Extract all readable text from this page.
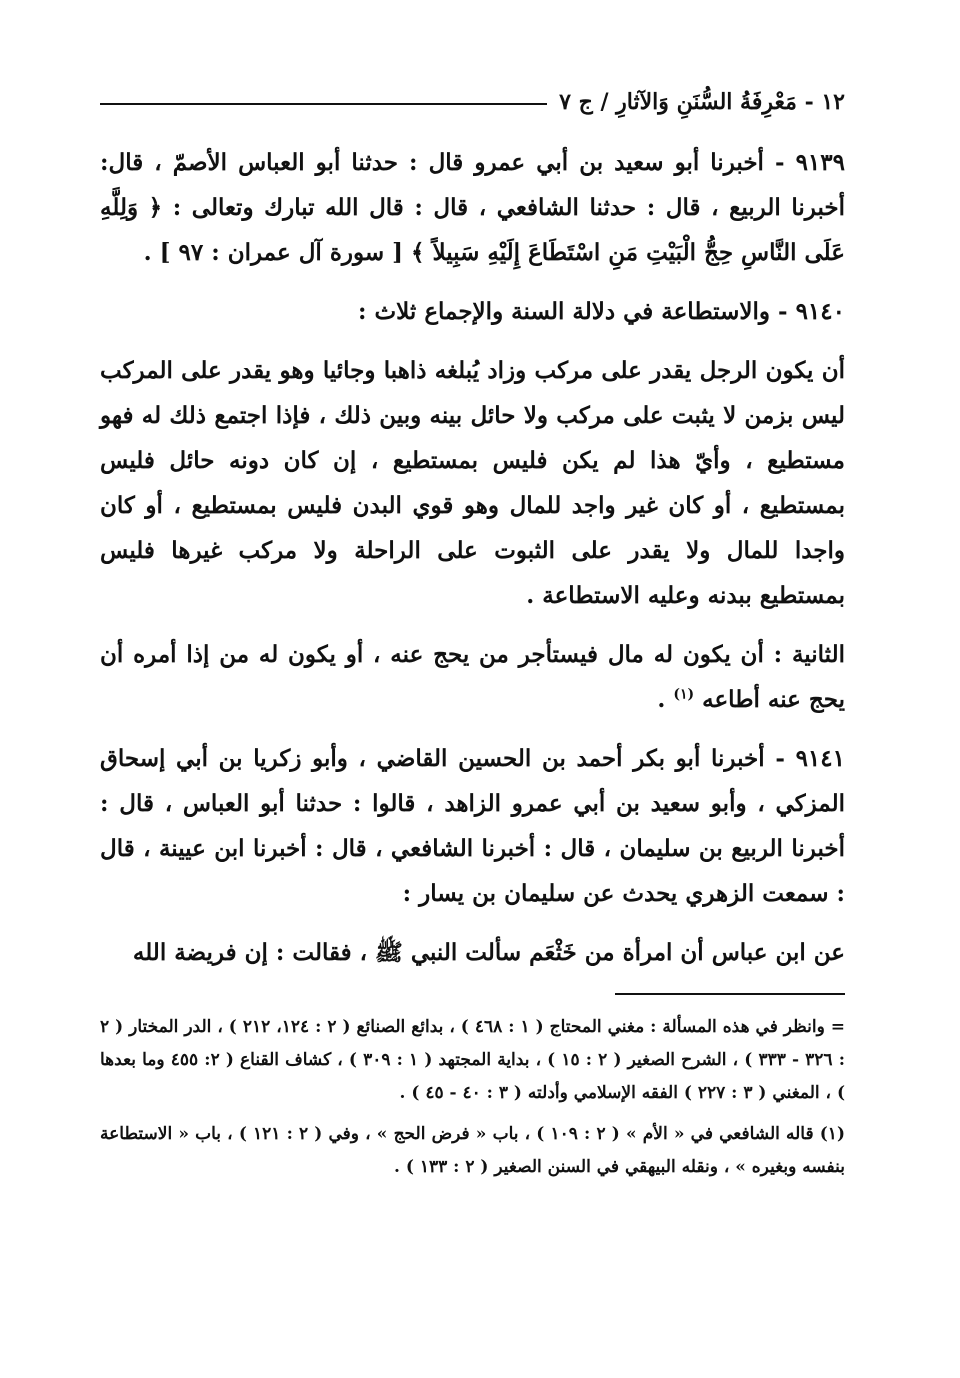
١٢ - مَعْرِفَةُ السُّنَنِ وَالآثارِ / ج ٧

٩١٣٩ - أخبرنا أبو سعيد بن أبي عمرو قال : حدثنا أبو العباس الأصمّ ، قال: أخبرنا الربيع ، قال : حدثنا الشافعي ، قال : قال الله تبارك وتعالى : ﴿ وَلِلَّهِ عَلَى النَّاسِ حِجُّ الْبَيْتِ مَنِ اسْتَطَاعَ إِلَيْهِ سَبِيلاً ﴾ [ سورة آل عمران : ٩٧ ] .

٩١٤٠ - والاستطاعة في دلالة السنة والإجماع ثلاث :

أن يكون الرجل يقدر على مركب وزاد يُبلغه ذاهبا وجائيا وهو يقدر على المركب ليس بزمن لا يثبت على مركب ولا حائل بينه وبين ذلك ، فإذا اجتمع ذلك له فهو مستطيع ، وأيّ هذا لم يكن فليس بمستطيع ، إن كان دونه حائل فليس بمستطيع ، أو كان غير واجد للمال وهو قوي البدن فليس بمستطيع ، أو كان واجدا للمال ولا يقدر على الثبوت على الراحلة ولا مركب غيرها فليس بمستطيع ببدنه وعليه الاستطاعة .

الثانية : أن يكون له مال فيستأجر من يحج عنه ، أو يكون له من إذا أمره أن يحج عنه أطاعه $^{(١)}$ .

٩١٤١ - أخبرنا أبو بكر أحمد بن الحسين القاضي ، وأبو زكريا بن أبي إسحاق المزكي ، وأبو سعيد بن أبي عمرو الزاهد ، قالوا : حدثنا أبو العباس ، قال : أخبرنا الربيع بن سليمان ، قال : أخبرنا الشافعي ، قال : أخبرنا ابن عيينة ، قال : سمعت الزهري يحدث عن سليمان بن يسار :

عن ابن عباس أن امرأة من خَثْعَم سألت النبي ﷺ ، فقالت : إن فريضة الله

= وانظر في هذه المسألة : مغني المحتاج ( ١ : ٤٦٨ ) ، بدائع الصنائع ( ٢ : ١٢٤، ٢١٢ ) ، الدر المختار ( ٢ : ٣٢٦ - ٣٣٣ ) ، الشرح الصغير ( ٢ : ١٥ ) ، بداية المجتهد ( ١ : ٣٠٩ ) ، كشاف القناع ( ٢: ٤٥٥ وما بعدها ) ، المغني ( ٣ : ٢٢٧ ) الفقه الإسلامي وأدلته ( ٣ : ٤٠ - ٤٥ ) .

(١) قاله الشافعي في « الأم » ( ٢ : ١٠٩ ) ، باب « فرض الحج » ، وفي ( ٢ : ١٢١ ) ، باب « الاستطاعة بنفسه وبغيره » ، ونقله البيهقي في السنن الصغير ( ٢ : ١٣٣ ) .
